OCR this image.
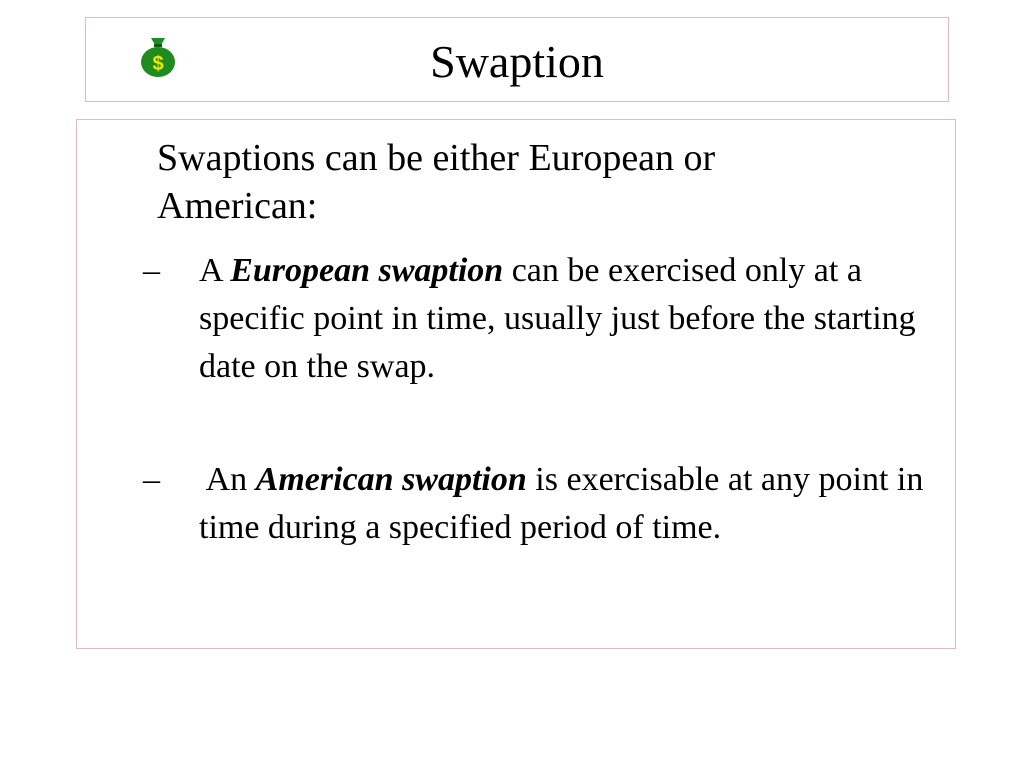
$	Swaption

Swaptions can be either European or American:

– A European swaption can be exercised only at a specific point in time, usually just before the starting date on the swap.
– An American swaption is exercisable at any point in time during a specified period of time.
